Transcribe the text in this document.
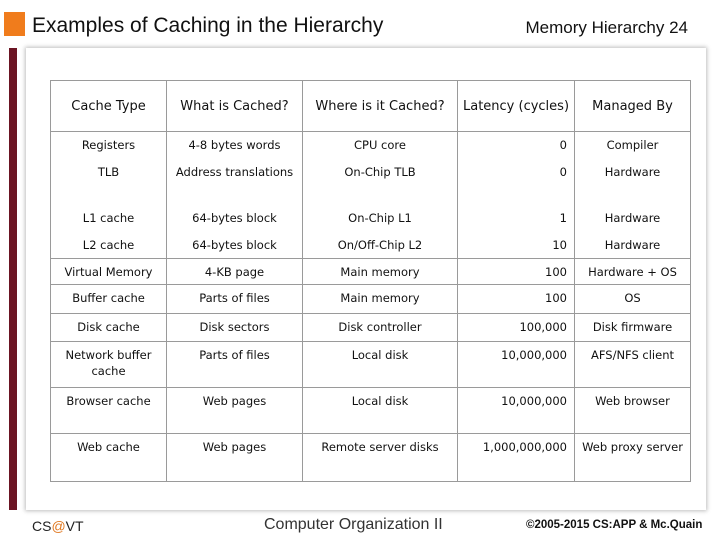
Examples of Caching in the Hierarchy	Memory Hierarchy 24
Cache Type	What is Cached?	Where is it Cached?	Latency (cycles)	Managed By
Registers	4-8 bytes words	CPU core	0	Compiler
TLB	Address translations	On-Chip TLB	0	Hardware
L1 cache	64-bytes block	On-Chip L1	1	Hardware
L2 cache	64-bytes block	On/Off-Chip L2	10	Hardware
Virtual Memory	4-KB page	Main memory	100	Hardware + OS
Buffer cache	Parts of files	Main memory	100	OS
Disk cache	Disk sectors	Disk controller	100,000	Disk firmware
Network buffer cache	Parts of files	Local disk	10,000,000	AFS/NFS client
Browser cache	Web pages	Local disk	10,000,000	Web browser
Web cache	Web pages	Remote server disks	1,000,000,000	Web proxy server
CS@VT	Computer Organization II	©2005-2015 CS:APP & Mc.Quain
